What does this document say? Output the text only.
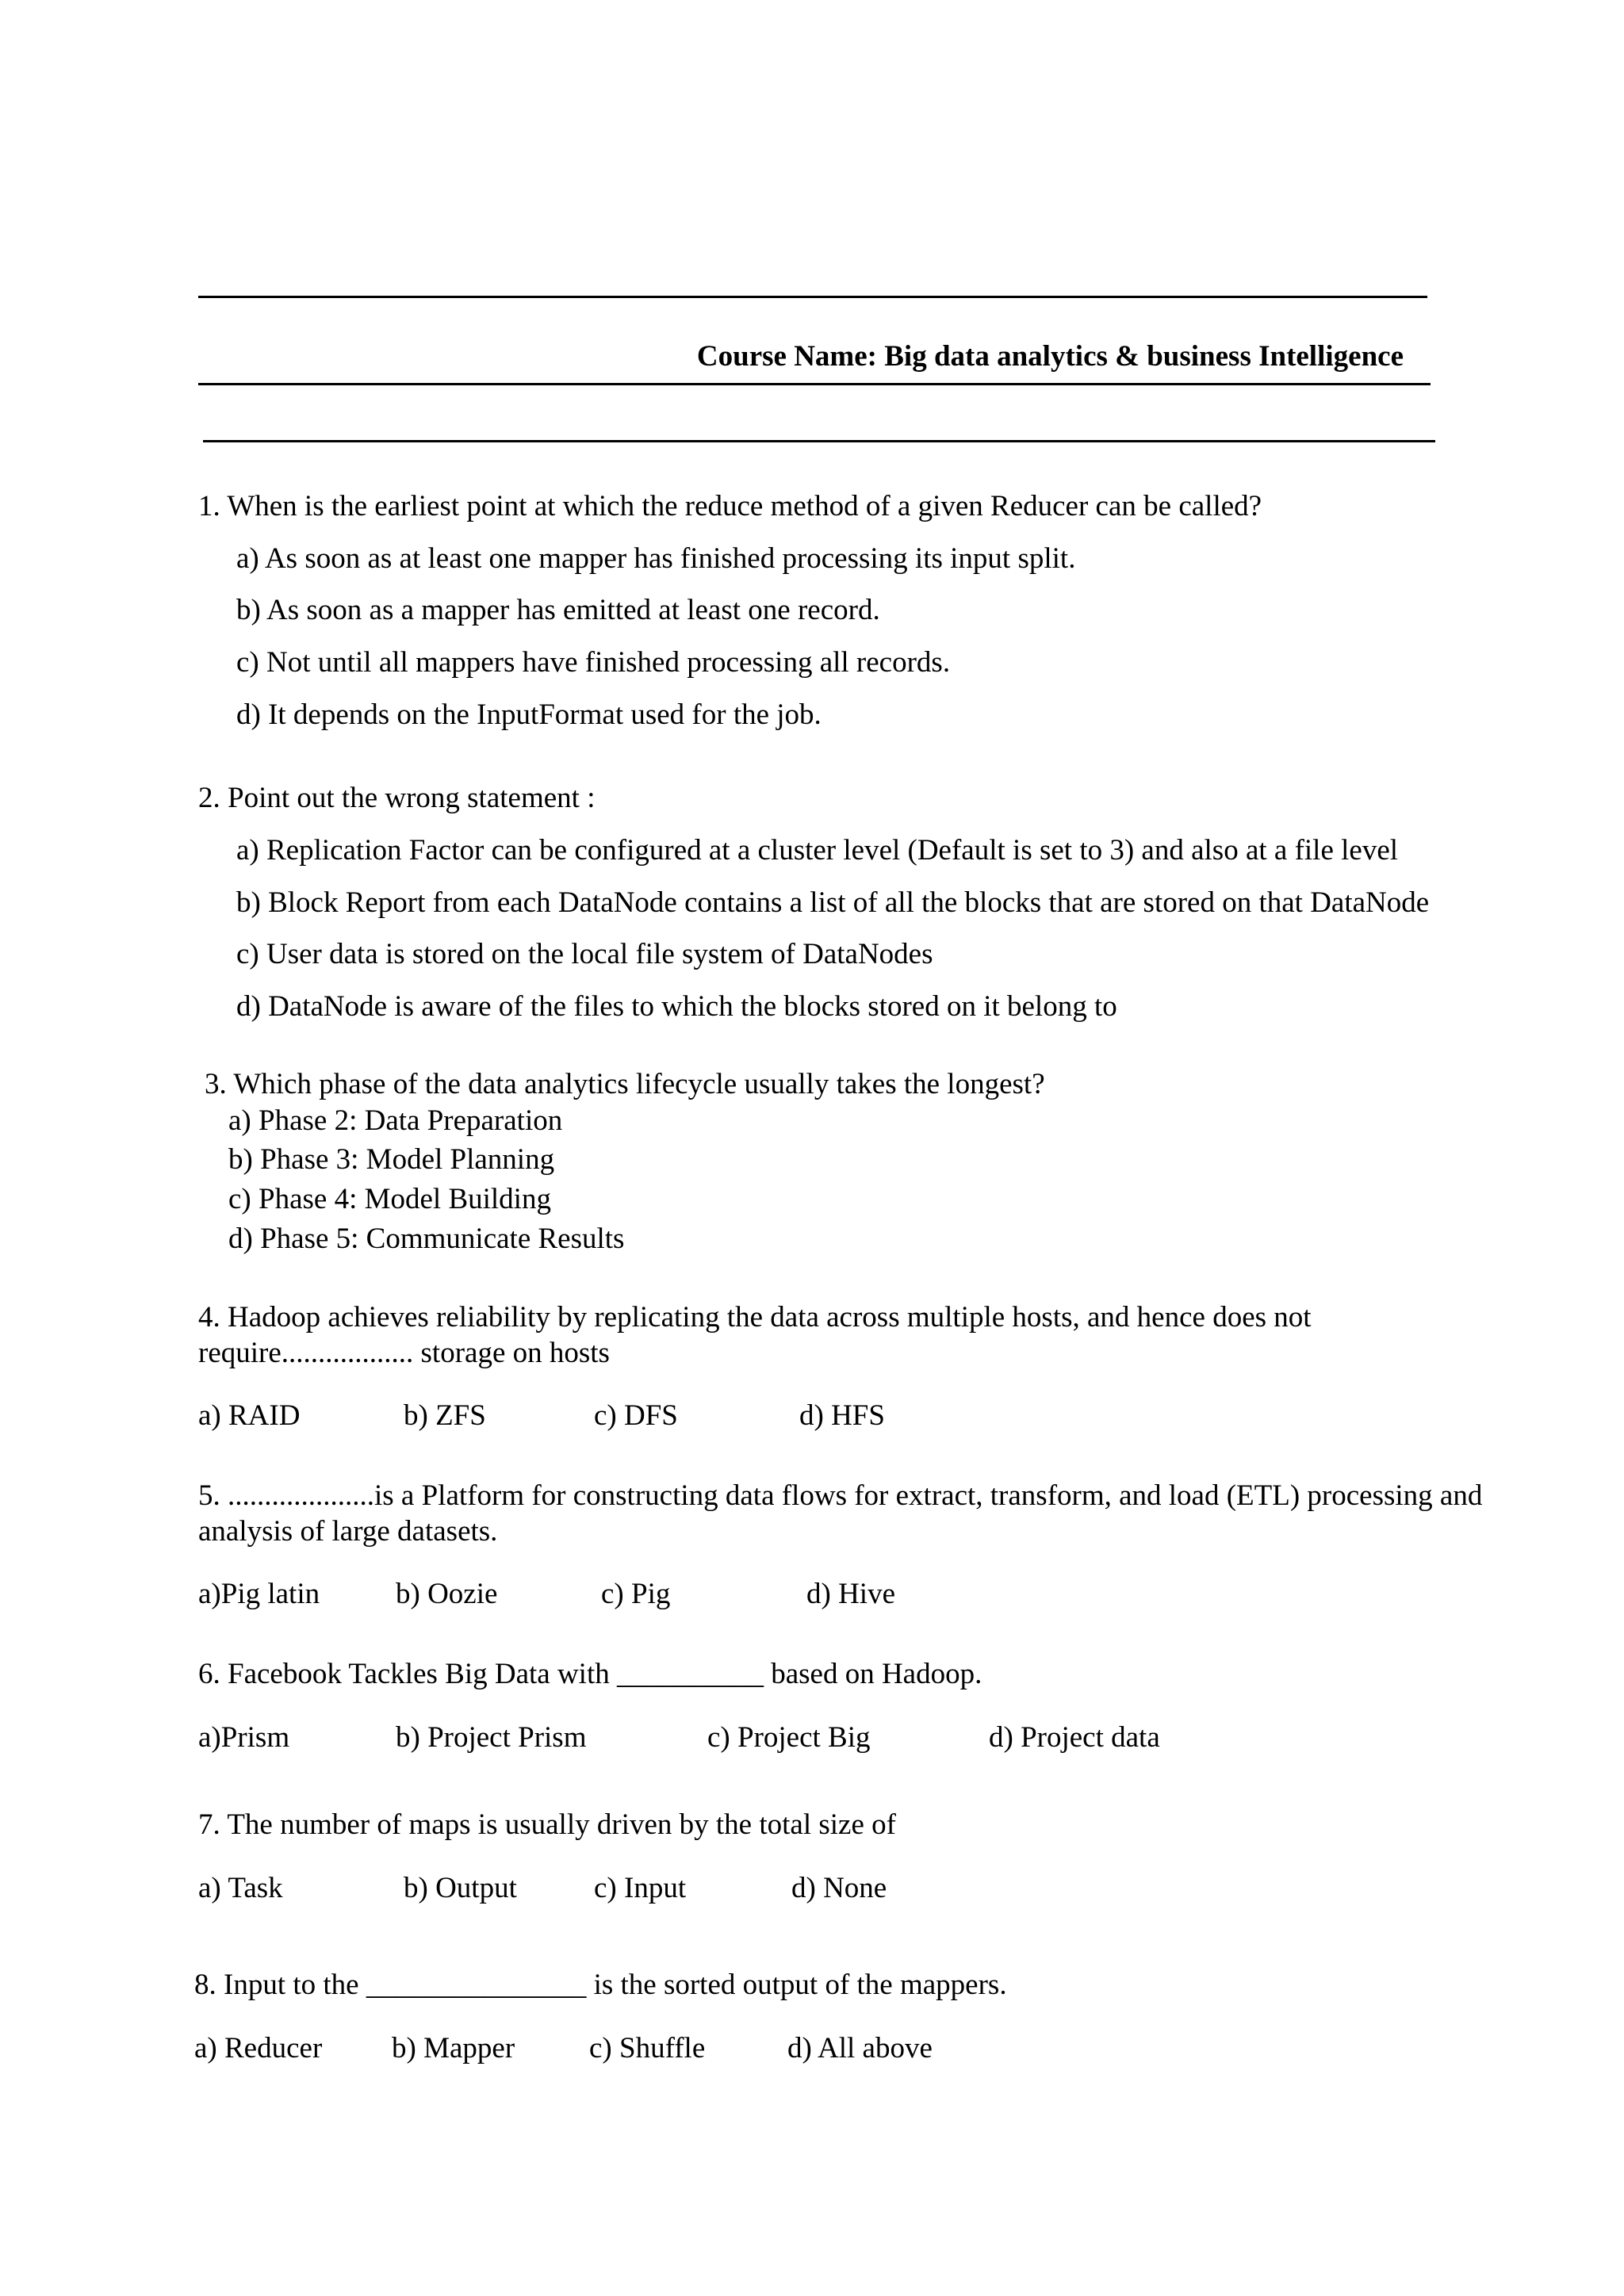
Course Name: Big data analytics & business Intelligence
1. When is the earliest point at which the reduce method of a given Reducer can be called?
a) As soon as at least one mapper has finished processing its input split.
b) As soon as a mapper has emitted at least one record.
c) Not until all mappers have finished processing all records.
d) It depends on the InputFormat used for the job.
2. Point out the wrong statement :
a) Replication Factor can be configured at a cluster level (Default is set to 3) and also at a file level
b) Block Report from each DataNode contains a list of all the blocks that are stored on that DataNode
c) User data is stored on the local file system of DataNodes
d) DataNode is aware of the files to which the blocks stored on it belong to
3. Which phase of the data analytics lifecycle usually takes the longest?
a) Phase 2: Data Preparation
b) Phase 3: Model Planning
c) Phase 4: Model Building
d) Phase 5: Communicate Results
4. Hadoop achieves reliability by replicating the data across multiple hosts, and hence does not
require.................. storage on hosts
a) RAID	b) ZFS	c) DFS	d) HFS
5. ....................is a Platform for constructing data flows for extract, transform, and load (ETL) processing and
analysis of large datasets.
a)Pig latin	b) Oozie	c) Pig	d) Hive
6. Facebook Tackles Big Data with __________ based on Hadoop.
a)Prism	b) Project Prism	c) Project Big	d) Project data
7. The number of maps is usually driven by the total size of
a) Task	b) Output	c) Input	d) None
8. Input to the _______________ is the sorted output of the mappers.
a) Reducer b) Mapper	c) Shuffle	d) All above
